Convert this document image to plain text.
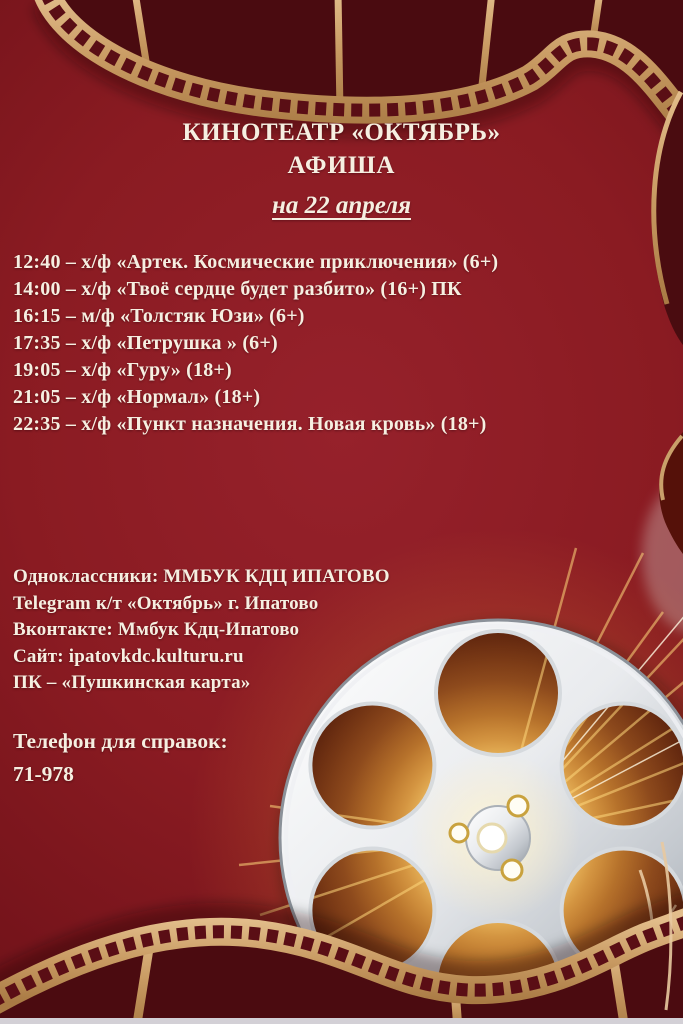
КИНОТЕАТР «ОКТЯБРЬ»
АФИША
на 22 апреля
12:40 – х/ф «Артек. Космические приключения» (6+)
14:00 – х/ф «Твоё сердце будет разбито» (16+) ПК
16:15 – м/ф «Толстяк Юзи» (6+)
17:35 – х/ф «Петрушка » (6+)
19:05 – х/ф «Гуру» (18+)
21:05 – х/ф «Нормал» (18+)
22:35 – х/ф «Пункт назначения. Новая кровь» (18+)
Одноклассники: ММБУК КДЦ ИПАТОВО
Telegram к/т «Октябрь» г. Ипатово
Вконтакте: Ммбук Кдц-Ипатово
Сайт: ipatovkdc.kulturu.ru
ПК – «Пушкинская карта»
Телефон для справок:
71-978
